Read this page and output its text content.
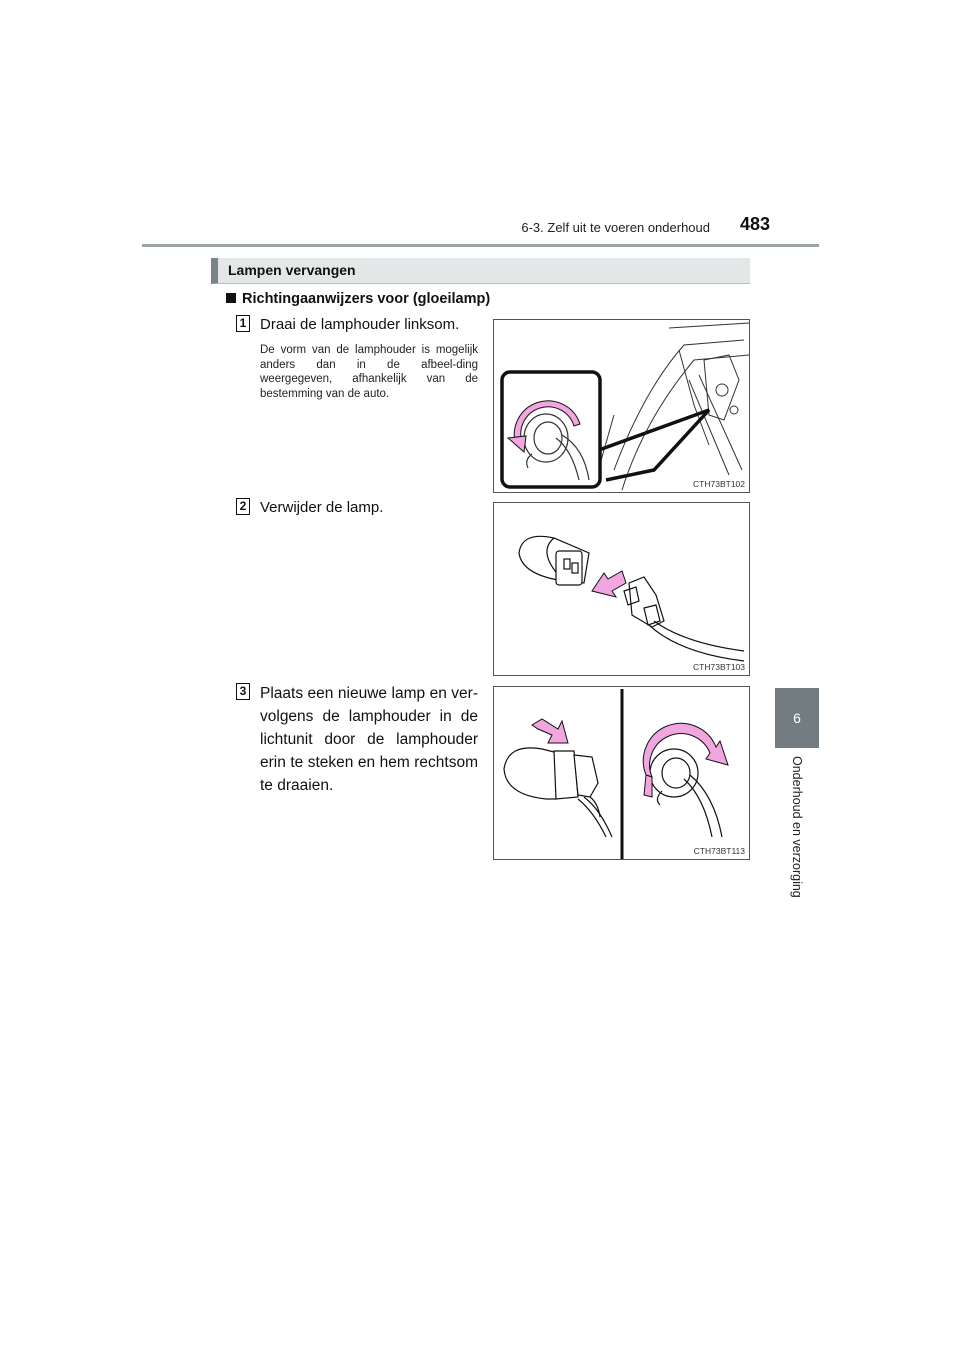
6-3. Zelf uit te voeren onderhoud 483
6
Onderhoud en verzorging
Lampen vervangen
Richtingaanwijzers voor (gloeilamp)
1 Draai de lamphouder linksom.
De vorm van de lamphouder is mogelijk anders dan in de afbeel-ding weergegeven, afhankelijk van de bestemming van de auto.
CTH73BT102
2 Verwijder de lamp.
CTH73BT103
3 Plaats een nieuwe lamp en ver-volgens de lamphouder in de lichtunit door de lamphouder erin te steken en hem rechtsom te draaien.
CTH73BT113
